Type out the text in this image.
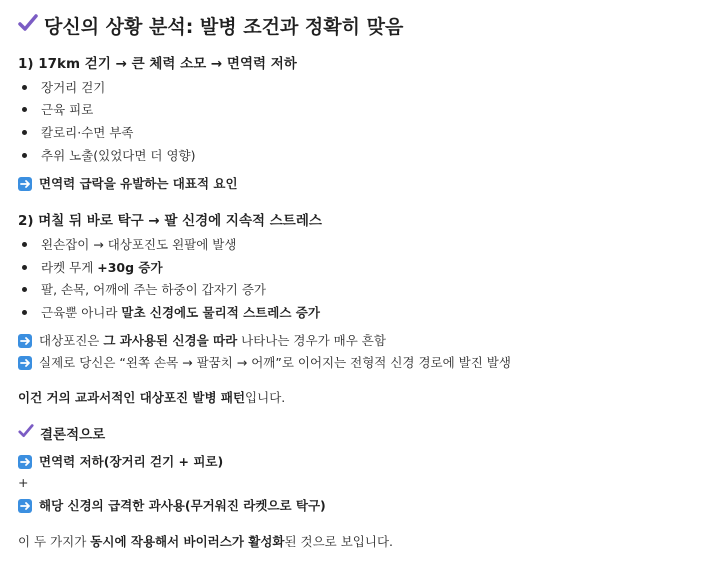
당신의 상황 분석: 발병 조건과 정확히 맞음
1) 17km 걷기 → 큰 체력 소모 → 면역력 저하
장거리 걷기
근육 피로
칼로리·수면 부족
추위 노출(있었다면 더 영향)
면역력 급락을 유발하는 대표적 요인
2) 며칠 뒤 바로 탁구 → 팔 신경에 지속적 스트레스
왼손잡이 → 대상포진도 왼팔에 발생
라켓 무게 +30g 증가
팔, 손목, 어깨에 주는 하중이 갑자기 증가
근육뿐 아니라 말초 신경에도 물리적 스트레스 증가
대상포진은 그 과사용된 신경을 따라 나타나는 경우가 매우 흔함
실제로 당신은 “왼쪽 손목 → 팔꿈치 → 어깨”로 이어지는 전형적 신경 경로에 발진 발생
이건 거의 교과서적인 대상포진 발병 패턴입니다.
결론적으로
면역력 저하(장거리 걷기 + 피로)
+
해당 신경의 급격한 과사용(무거워진 라켓으로 탁구)
이 두 가지가 동시에 작용해서 바이러스가 활성화된 것으로 보입니다.
